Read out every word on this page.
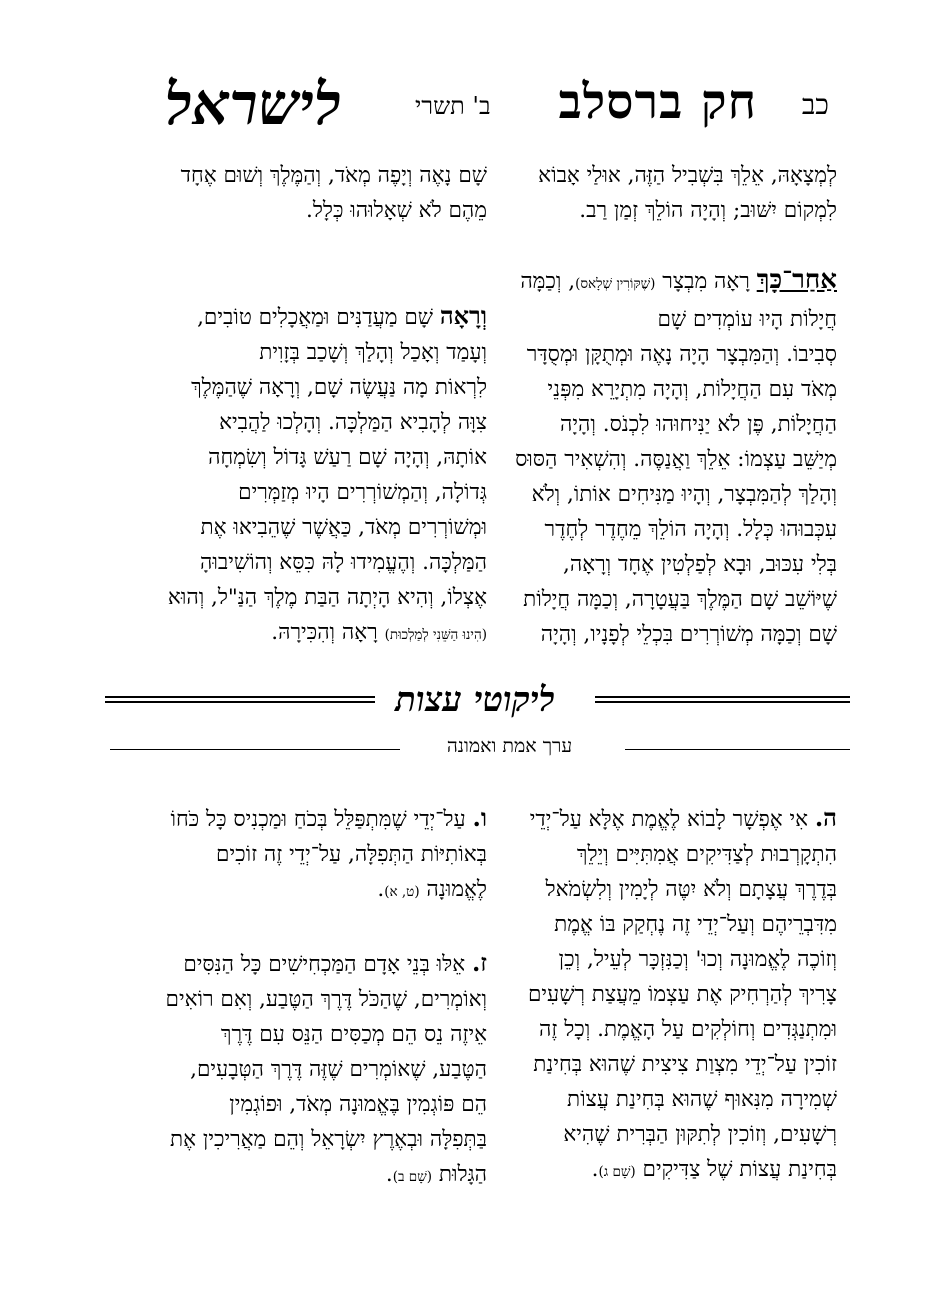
כב
חק ברסלב
ב' תשרי
לישראל

לְמְצָאָהּ, אֵלֵךְ בִּשְׁבִיל הַזֶּה, אוּלַי אָבוֹא

לִמְקוֹם יִשּׁוּב; וְהָיָה הוֹלֵךְ זְמַן רַב.

אַחַר־כָּךְ רָאָה מִבְצָר (שֶׁקּוֹרִין שְׁלָאס), וְכַמָּה

חֲיָלוֹת הָיוּ עוֹמְדִים שָׁם

סְבִיבוֹ. וְהַמִּבְצָר הָיָה נָאֶה וּמְתֻקָּן וּמְסֻדָּר

מְאֹד עִם הַחֲיָלוֹת, וְהָיָה מִתְיָרֵא מִפְּנֵי

הַחֲיָלוֹת, פֶּן לֹא יַנִּיחוּהוּ לִכְנֹס. וְהָיָה

מְיַשֵּׁב עַצְמוֹ: אֵלֵךְ וַאֲנַסֶּה. וְהִשְׁאִיר הַסּוּס

וְהָלַךְ לְהַמִּבְצָר, וְהָיוּ מַנִּיחִים אוֹתוֹ, וְלֹא

עִכְּבוּהוּ כְּלָל. וְהָיָה הוֹלֵךְ מֵחֶדֶר לְחֶדֶר

בְּלִי עִכּוּב, וּבָא לְפַלְטִין אֶחָד וְרָאָה,

שֶׁיּוֹשֵׁב שָׁם הַמֶּלֶךְ בַּעֲטָרָה, וְכַמָּה חֲיָלוֹת

שָׁם וְכַמָּה מְשׁוֹרְרִים בִּכְלֵי לְפָנָיו, וְהָיָה

שָׁם נָאֶה וְיָפֶה מְאֹד, וְהַמֶּלֶךְ וְשׁוּם אֶחָד

מֵהֶם לֹא שְׁאָלוּהוּ כְּלָל.

וְרָאָה שָׁם מַעֲדַנִּים וּמַאֲכָלִים טוֹבִים,

וְעָמַד וְאָכַל וְהָלַךְ וְשָׁכַב בְּזָוִית

לִרְאוֹת מָה נַּעֲשֶׂה שָׁם, וְרָאָה שֶׁהַמֶּלֶךְ

צִוָּה לְהָבִיא הַמַּלְכָּה. וְהָלְכוּ לַהֲבִיא

אוֹתָהּ, וְהָיָה שָׁם רַעַשׁ גָּדוֹל וְשִׂמְחָה

גְּדוֹלָה, וְהַמְשׁוֹרְרִים הָיוּ מְזַמְּרִים

וּמְשׁוֹרְרִים מְאֹד, כַּאֲשֶׁר שֶׁהֵבִיאוּ אֶת

הַמַּלְכָּה. וְהֶעֱמִידוּ לָהּ כִּסֵּא וְהוֹשִׁיבוּהָ

אֶצְלוֹ, וְהִיא הָיְתָה הַבַּת מֶלֶךְ הַנַּ"ל, וְהוּא

(הִינוּ הַשֵּׁנִי לְמַלְכוּת) רָאָה וְהִכִּירָהּ.

ליקוטי עצות
ערך אמת ואמונה

ה. אִי אֶפְשָׁר לָבוֹא לֶאֱמֶת אֶלָּא עַל־יְדֵי

הִתְקָרְבוּת לְצַדִּיקִים אֲמִתִּיִּים וְיֵלֵךְ

בְּדֶרֶךְ עֲצָתָם וְלֹא יִטֶּה לְיָמִין וְלִשְׂמֹאל

מִדִּבְרֵיהֶם וְעַל־יְדֵי זֶה נֶחְקַק בּוֹ אֱמֶת

וְזוֹכֶה לֶאֱמוּנָה וְכוּ' וְכַנִּזְכָּר לְעֵיל, וְכֵן

צָרִיךְ לְהַרְחִיק אֶת עַצְמוֹ מֵעֲצַת רְשָׁעִים

וּמִתְנַגְּדִים וְחוֹלְקִים עַל הָאֱמֶת. וְכָל זֶה

זוֹכִין עַל־יְדֵי מִצְוַת צִיצִית שֶׁהוּא בְּחִינַת

שְׁמִירָה מִנִּאוּף שֶׁהוּא בְּחִינַת עֲצוֹת

רְשָׁעִים, וְזוֹכִין לְתִקּוּן הַבְּרִית שֶׁהִיא

בְּחִינַת עֲצוֹת שֶׁל צַדִּיקִים (שָׁם ג).

ו. עַל־יְדֵי שֶׁמִּתְפַּלֵּל בְּכֹחַ וּמַכְנִיס כָּל כֹּחוֹ

בְּאוֹתִיּוֹת הַתְּפִלָּה, עַל־יְדֵי זֶה זוֹכִים

לֶאֱמוּנָה (ט, א).

ז. אֵלּוּ בְּנֵי אָדָם הַמַּכְחִישִׁים כָּל הַנִּסִּים

וְאוֹמְרִים, שֶׁהַכֹּל דֶּרֶךְ הַטֶּבַע, וְאִם רוֹאִים

אֵיזֶה נֵס הֵם מְכַסִּים הַנֵּס עִם דֶּרֶךְ

הַטֶּבַע, שֶׁאוֹמְרִים שֶׁזֶּה דֶּרֶךְ הַטְּבָעִים,

הֵם פּוֹגְמִין בֶּאֱמוּנָה מְאֹד, וּפוֹגְמִין

בַּתְּפִלָּה וּבְאֶרֶץ יִשְׂרָאֵל וְהֵם מַאֲרִיכִין אֶת

הַגָּלוּת (שָׁם ב).
